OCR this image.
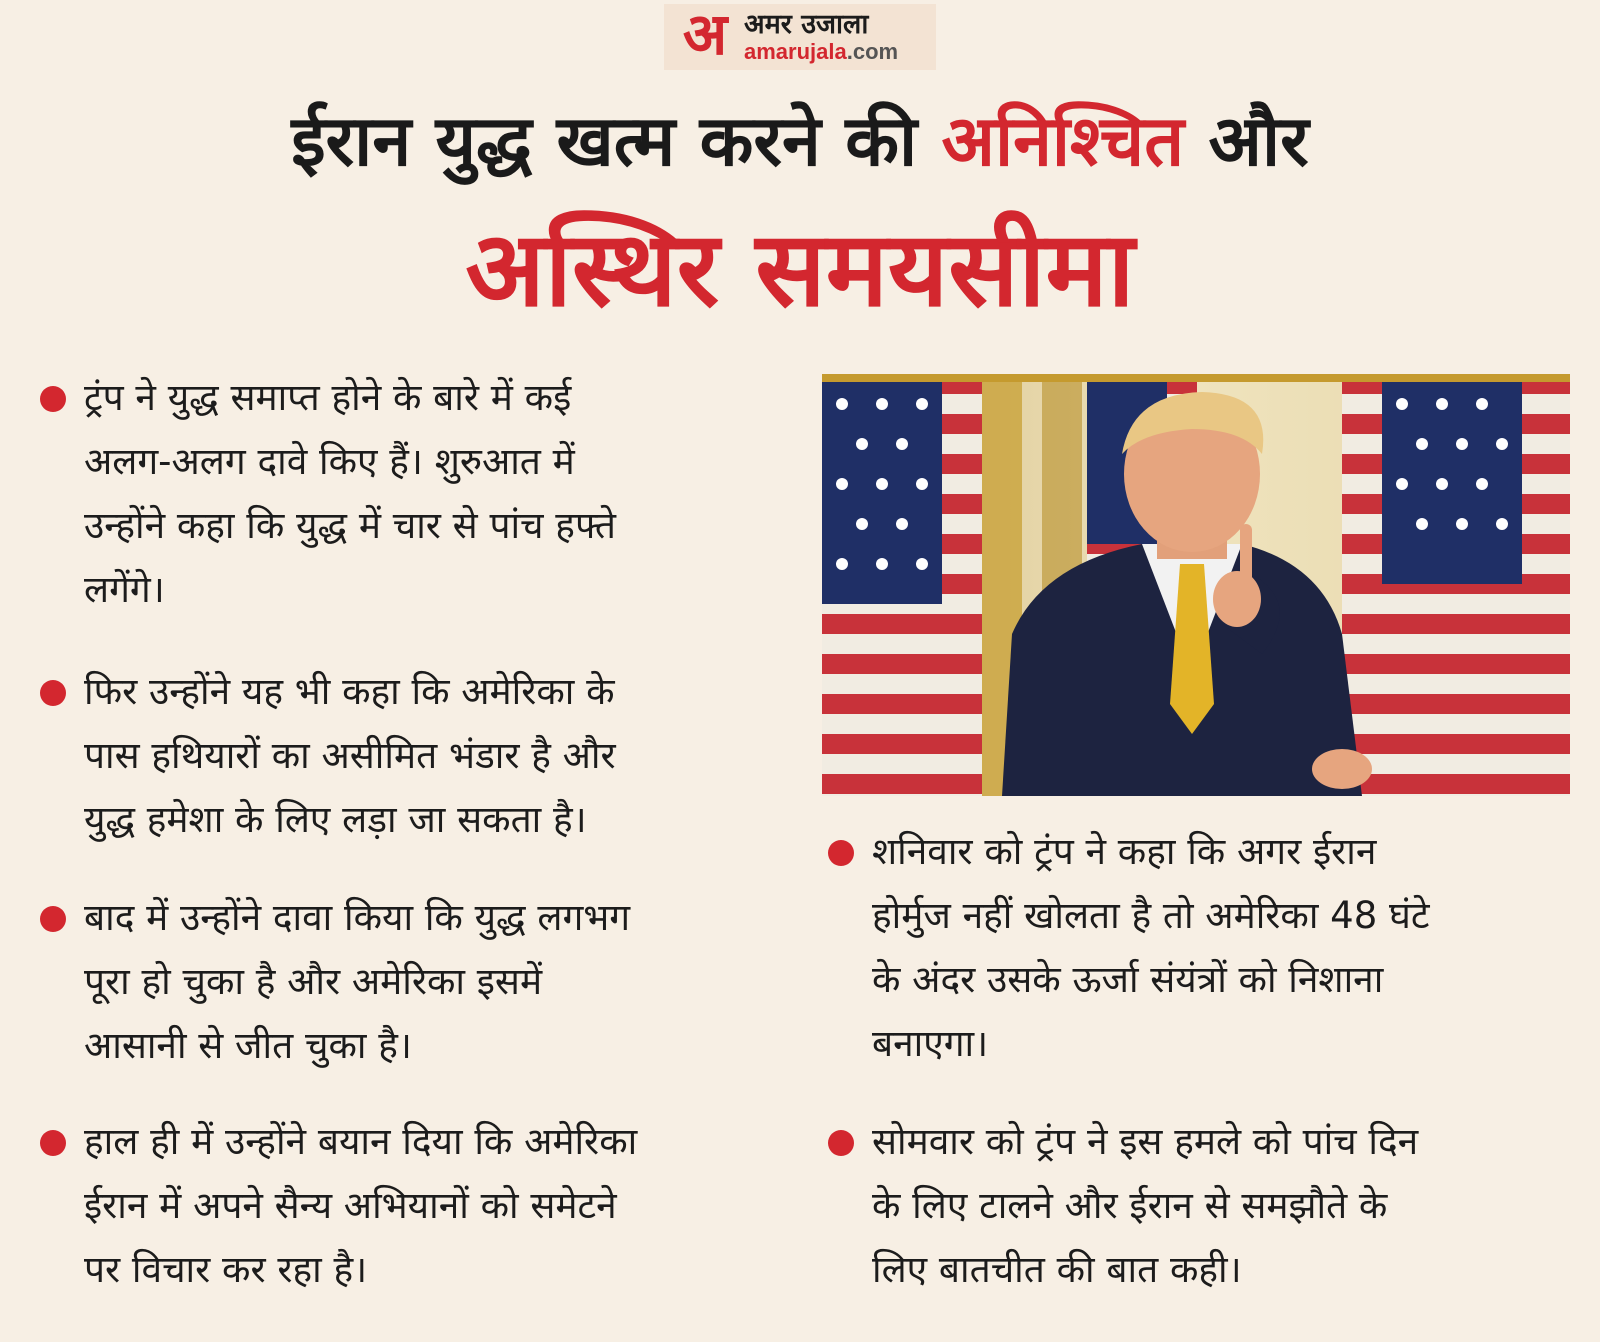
अ अमर उजाला
amarujala.com
ईरान युद्ध खत्म करने की अनिश्चित और
अस्थिर समयसीमा
ट्रंप ने युद्ध समाप्त होने के बारे में कई
अलग-अलग दावे किए हैं। शुरुआत में
उन्होंने कहा कि युद्ध में चार से पांच हफ्ते
लगेंगे।
फिर उन्होंने यह भी कहा कि अमेरिका के
पास हथियारों का असीमित भंडार है और
युद्ध हमेशा के लिए लड़ा जा सकता है।
बाद में उन्होंने दावा किया कि युद्ध लगभग
पूरा हो चुका है और अमेरिका इसमें
आसानी से जीत चुका है।
हाल ही में उन्होंने बयान दिया कि अमेरिका
ईरान में अपने सैन्य अभियानों को समेटने
पर विचार कर रहा है।
शनिवार को ट्रंप ने कहा कि अगर ईरान
होर्मुज नहीं खोलता है तो अमेरिका 48 घंटे
के अंदर उसके ऊर्जा संयंत्रों को निशाना
बनाएगा।
सोमवार को ट्रंप ने इस हमले को पांच दिन
के लिए टालने और ईरान से समझौते के
लिए बातचीत की बात कही।
